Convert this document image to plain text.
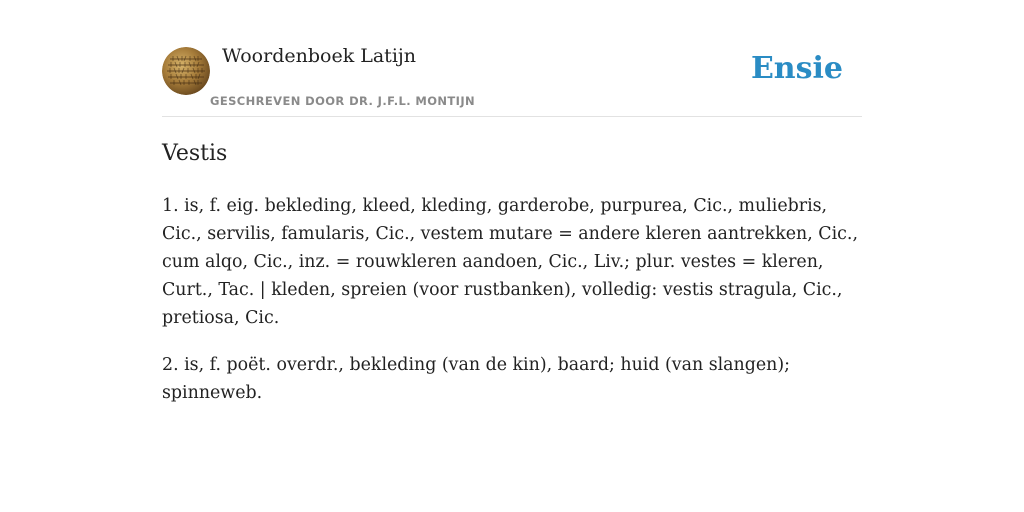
Woordenboek Latijn
GESCHREVEN DOOR DR. J.F.L. MONTIJN
Ensie
Vestis

1. is, f. eig. bekleding, kleed, kleding, garderobe, purpurea, Cic., muliebris, Cic., servilis, famularis, Cic., vestem mutare = andere kleren aantrekken, Cic., cum alqo, Cic., inz. = rouwkleren aandoen, Cic., Liv.; plur. vestes = kleren, Curt., Tac. | kleden, spreien (voor rustbanken), volledig: vestis stragula, Cic., pretiosa, Cic.

2. is, f. poët. overdr., bekleding (van de kin), baard; huid (van slangen); spinneweb.
